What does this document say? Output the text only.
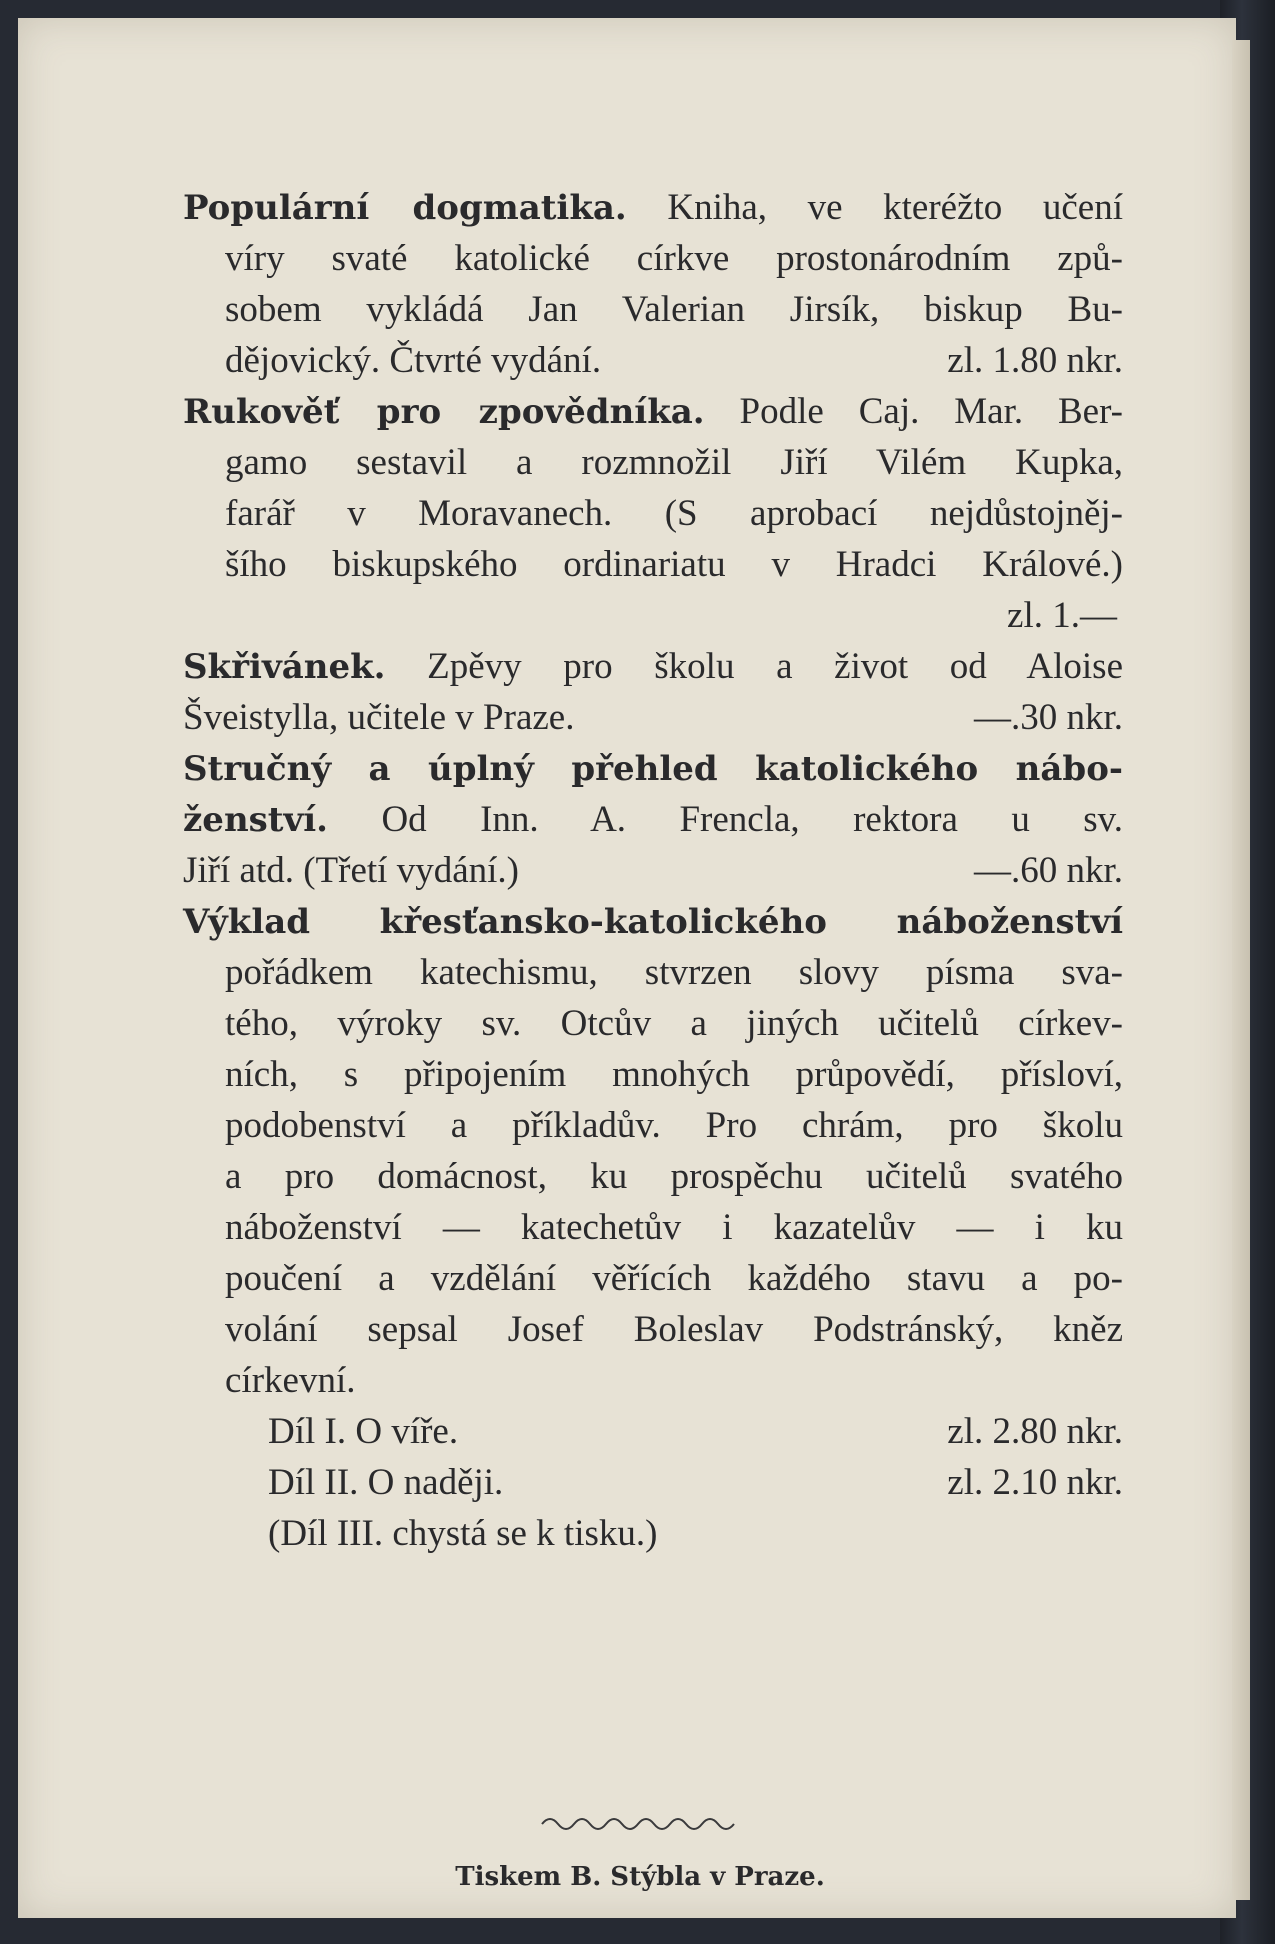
Populární dogmatika. Kniha, ve kteréžto učení
víry svaté katolické církve prostonárodním způ-
sobem vykládá Jan Valerian Jirsík, biskup Bu-
dějovický. Čtvrté vydání.	zl. 1.80 nkr.
Rukověť pro zpovědníka. Podle Caj. Mar. Ber-
gamo sestavil a rozmnožil Jiří Vilém Kupka,
farář v Moravanech. (S aprobací nejdůstojněj-
šího biskupského ordinariatu v Hradci Králové.)
zl. 1.—
Skřivánek. Zpěvy pro školu a život od Aloise
Šveistylla, učitele v Praze.	—.30 nkr.
Stručný a úplný přehled katolického nábo-
ženství. Od Inn. A. Frencla, rektora u sv.
Jiří atd. (Třetí vydání.)	—.60 nkr.
Výklad křesťansko-katolického náboženství
pořádkem katechismu, stvrzen slovy písma sva-
tého, výroky sv. Otcův a jiných učitelů církev-
ních, s připojením mnohých průpovědí, přísloví,
podobenství a příkladův. Pro chrám, pro školu
a pro domácnost, ku prospěchu učitelů svatého
náboženství — katechetův i kazatelův — i ku
poučení a vzdělání věřících každého stavu a po-
volání sepsal Josef Boleslav Podstránský, kněz
církevní.
Díl I. O víře.	zl. 2.80 nkr.
Díl II. O naději.	zl. 2.10 nkr.
(Díl III. chystá se k tisku.)
Tiskem B. Stýbla v Praze.
